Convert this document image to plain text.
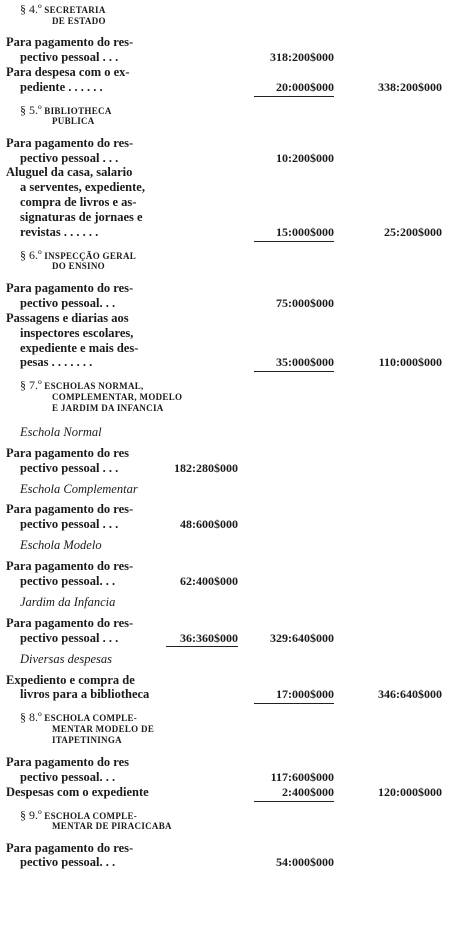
§ 4.º SECRETARIA
DE ESTADO
Para pagamento do res-
pectivo pessoal . . .	318:200$000
Para despesa com o ex-
pediente . . . . . .	20:000$000	338:200$000
§ 5.º BIBLIOTHECA
PUBLICA
Para pagamento do res-
pectivo pessoal . . .	10:200$000
Aluguel da casa, salario
a serventes, expediente,
compra de livros e as-
signaturas de jornaes e
revistas . . . . . .	15:000$000	25:200$000
§ 6.º INSPECÇÃO GERAL
DO ENSINO
Para pagamento do res-
pectivo pessoal. . .	75:000$000
Passagens e diarias aos
inspectores escolares,
expediente e mais des-
pesas . . . . . . .	35:000$000	110:000$000
§ 7.º ESCHOLAS NORMAL,
COMPLEMENTAR, MODELO
E JARDIM DA INFANCIA
Eschola Normal
Para pagamento do res
pectivo pessoal . . .	182:280$000
Eschola Complementar
Para pagamento do res-
pectivo pessoal . . .	48:600$000
Eschola Modelo
Para pagamento do res-
pectivo pessoal. . .	62:400$000
Jardim da Infancia
Para pagamento do res-
pectivo pessoal . . .	36:360$000	329:640$000
Diversas despesas
Expediento e compra de
livros para a bibliotheca	17:000$000	346:640$000
§ 8.º ESCHOLA COMPLE-
MENTAR MODELO DE
ITAPETININGA
Para pagamento do res
pectivo pessoal. . .	117:600$000
Despesas com o expediente	2:400$000	120:000$000
§ 9.º ESCHOLA COMPLE-
MENTAR DE PIRACICABA
Para pagamento do res-
pectivo pessoal. . .	54:000$000
